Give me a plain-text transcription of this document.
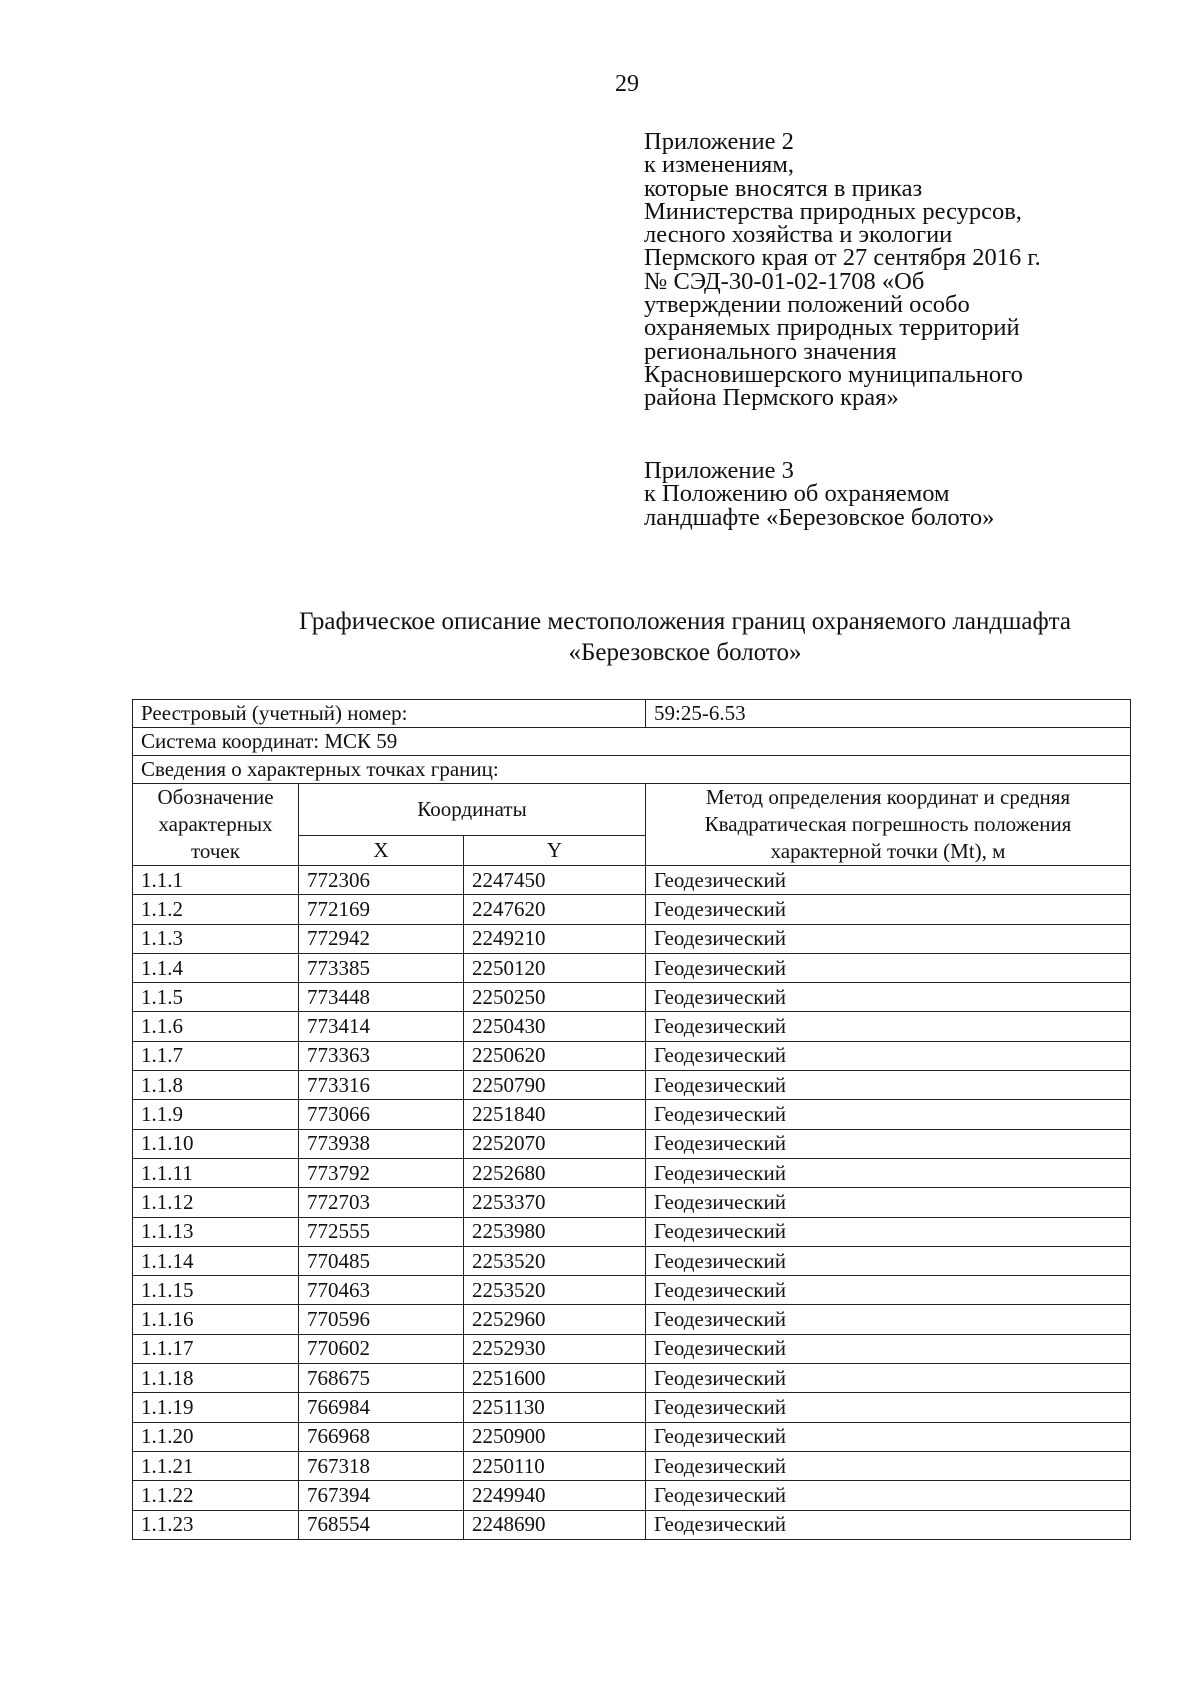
29
Приложение 2
к изменениям,
которые вносятся в приказ
Министерства природных ресурсов,
лесного хозяйства и экологии
Пермского края от 27 сентября 2016 г.
№ СЭД-30-01-02-1708 «Об
утверждении положений особо
охраняемых природных территорий
регионального значения
Красновишерского муниципального
района Пермского края»
Приложение 3
к Положению об охраняемом
ландшафте «Березовское болото»
Графическое описание местоположения границ охраняемого ландшафта
«Березовское болото»
Реестровый (учетный) номер:			59:25-6.53
Система координат: МСК 59			
Сведения о характерных точках границ:			
Обозначение характерных точек	Координаты		Метод определения координат и средняя Квадратическая погрешность положения характерной точки (Mt), м
	X	Y	
1.1.1	772306	2247450	Геодезический
1.1.2	772169	2247620	Геодезический
1.1.3	772942	2249210	Геодезический
1.1.4	773385	2250120	Геодезический
1.1.5	773448	2250250	Геодезический
1.1.6	773414	2250430	Геодезический
1.1.7	773363	2250620	Геодезический
1.1.8	773316	2250790	Геодезический
1.1.9	773066	2251840	Геодезический
1.1.10	773938	2252070	Геодезический
1.1.11	773792	2252680	Геодезический
1.1.12	772703	2253370	Геодезический
1.1.13	772555	2253980	Геодезический
1.1.14	770485	2253520	Геодезический
1.1.15	770463	2253520	Геодезический
1.1.16	770596	2252960	Геодезический
1.1.17	770602	2252930	Геодезический
1.1.18	768675	2251600	Геодезический
1.1.19	766984	2251130	Геодезический
1.1.20	766968	2250900	Геодезический
1.1.21	767318	2250110	Геодезический
1.1.22	767394	2249940	Геодезический
1.1.23	768554	2248690	Геодезический
